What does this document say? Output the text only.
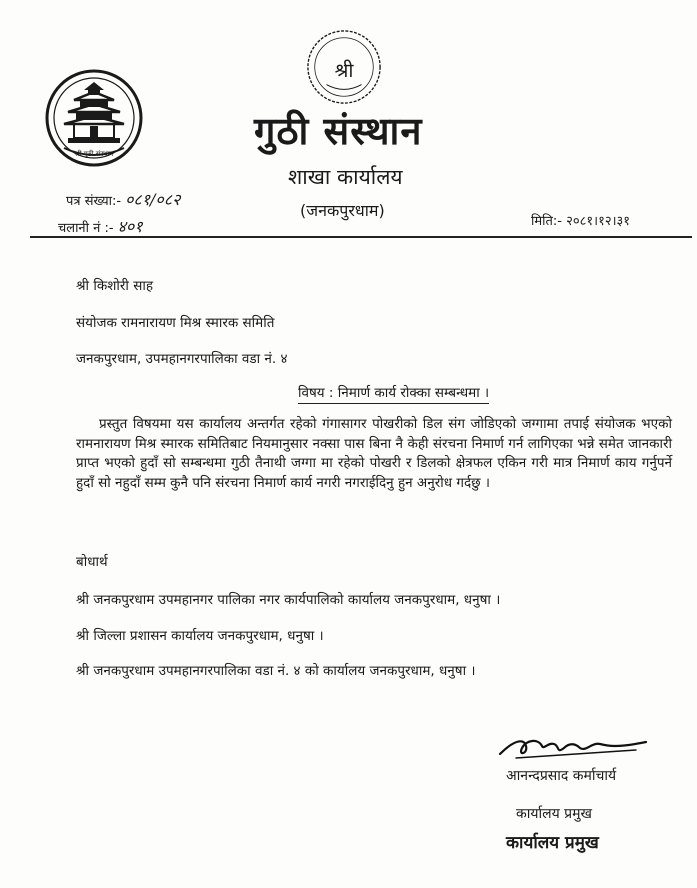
श्री गुठी संस्थान
श्री
गुठी संस्थान
शाखा कार्यालय
(जनकपुरधाम)
पत्र संख्या:- ०८१/०८२
चलानी नं :- ४०१	मिति:- २०८१।१२।३१
श्री किशोरी साह
संयोजक रामनारायण मिश्र स्मारक समिति
जनकपुरधाम, उपमहानगरपालिका वडा नं. ४
विषय : निमार्ण कार्य रोक्का सम्बन्धमा ।

प्रस्तुत विषयमा यस कार्यालय अन्तर्गत रहेको गंगासागर पोखरीको डिल संग जोडिएको जग्गामा तपाई संयोजक भएको रामनारायण मिश्र स्मारक समितिबाट नियमानुसार नक्सा पास बिना नै केही संरचना निमार्ण गर्न लागिएका भन्ने समेत जानकारी प्राप्त भएको हुदाँ सो सम्बन्धमा गुठी तैनाथी जग्गा मा रहेको पोखरी र डिलको क्षेत्रफल एकिन गरी मात्र निमार्ण काय गर्नुपर्ने हुदाँ सो नहुदाँ सम्म कुनै पनि संरचना निमार्ण कार्य नगरी नगराईदिनु हुन अनुरोध गर्दछु ।

बोधार्थ
श्री जनकपुरधाम उपमहानगर पालिका नगर कार्यपालिको कार्यालय जनकपुरधाम, धनुषा ।
श्री जिल्ला प्रशासन कार्यालय जनकपुरधाम, धनुषा ।
श्री जनकपुरधाम उपमहानगरपालिका वडा नं. ४ को कार्यालय जनकपुरधाम, धनुषा ।
आनन्दप्रसाद कर्माचार्य
कार्यालय प्रमुख
कार्यालय प्रमुख
